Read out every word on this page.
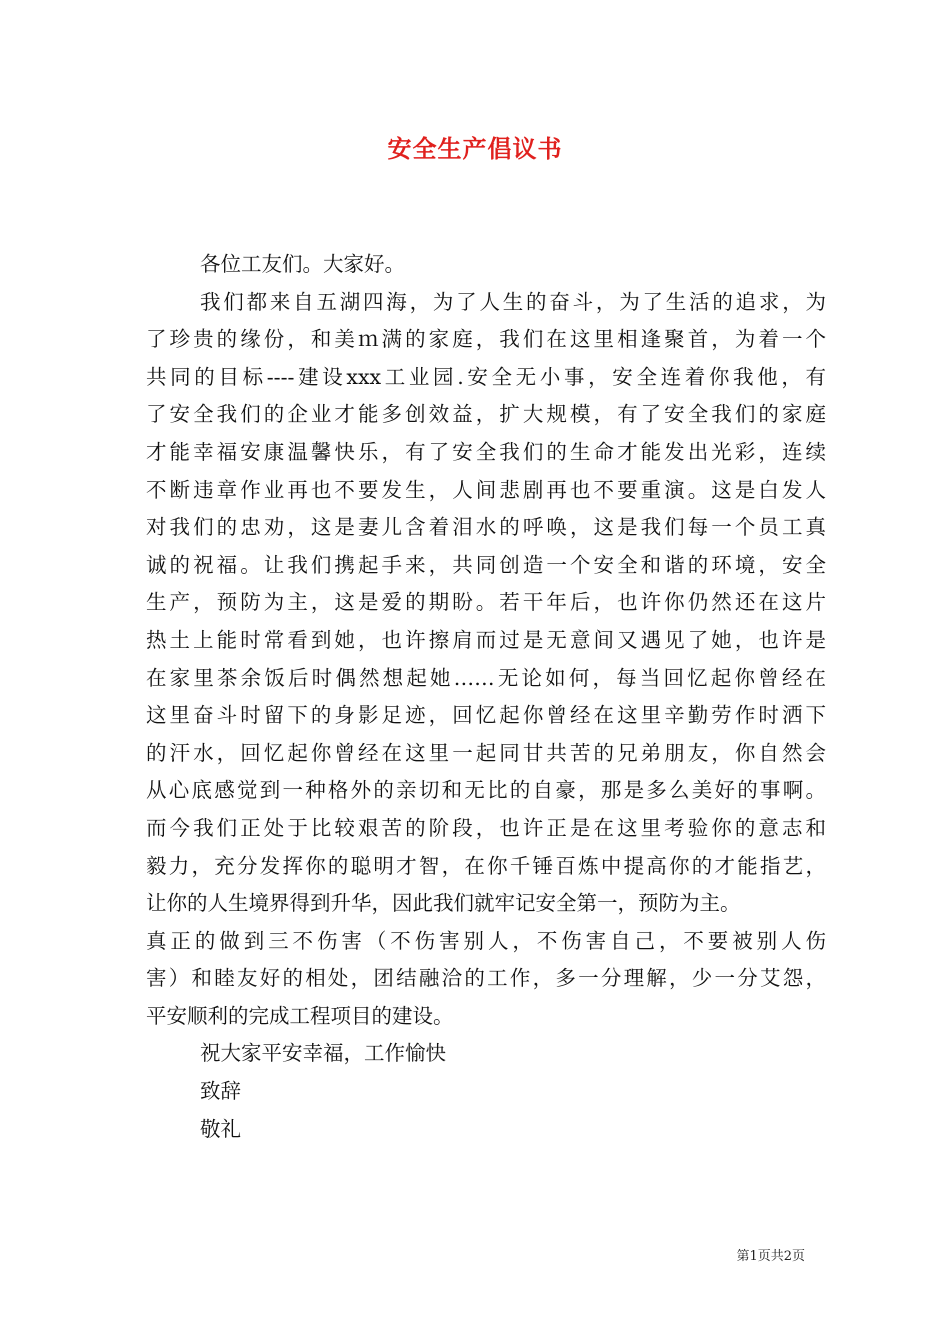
安全生产倡议书
各位工友们。大家好。
我们都来自五湖四海，为了人生的奋斗，为了生活的追求，为
了珍贵的缘份，和美ｍ满的家庭，我们在这里相逢聚首，为着一个
共同的目标----建设xxx工业园.安全无小事，安全连着你我他，有
了安全我们的企业才能多创效益，扩大规模，有了安全我们的家庭
才能幸福安康温馨快乐，有了安全我们的生命才能发出光彩，连续
不断违章作业再也不要发生，人间悲剧再也不要重演。这是白发人
对我们的忠劝，这是妻儿含着泪水的呼唤，这是我们每一个员工真
诚的祝福。让我们携起手来，共同创造一个安全和谐的环境，安全
生产，预防为主，这是爱的期盼。若干年后，也许你仍然还在这片
热土上能时常看到她，也许擦肩而过是无意间又遇见了她，也许是
在家里茶余饭后时偶然想起她……无论如何，每当回忆起你曾经在
这里奋斗时留下的身影足迹，回忆起你曾经在这里辛勤劳作时洒下
的汗水，回忆起你曾经在这里一起同甘共苦的兄弟朋友，你自然会
从心底感觉到一种格外的亲切和无比的自豪，那是多么美好的事啊。
而今我们正处于比较艰苦的阶段，也许正是在这里考验你的意志和
毅力，充分发挥你的聪明才智，在你千锤百炼中提高你的才能指艺，
让你的人生境界得到升华，因此我们就牢记安全第一，预防为主。
真正的做到三不伤害（不伤害别人，不伤害自己，不要被别人伤
害）和睦友好的相处，团结融洽的工作，多一分理解，少一分艾怨，
平安顺利的完成工程项目的建设。
祝大家平安幸福，工作愉快
致辞
敬礼
第1页共2页
